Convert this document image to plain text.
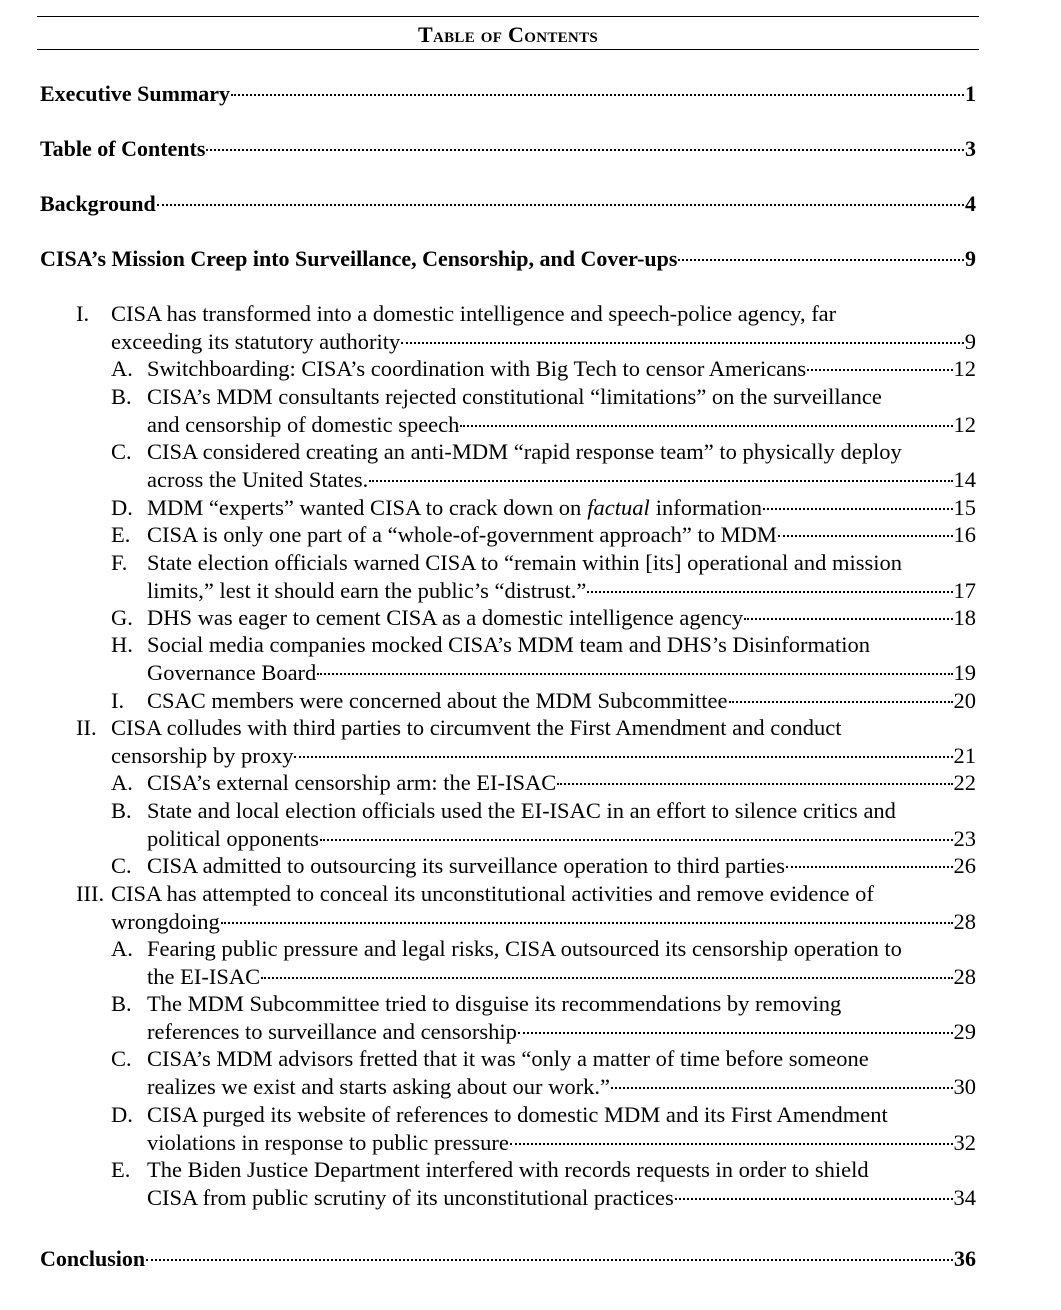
Table of Contents
Executive Summary	1
Table of Contents	3
Background	4
CISA’s Mission Creep into Surveillance, Censorship, and Cover-ups	9
I. CISA has transformed into a domestic intelligence and speech-police agency, far
exceeding its statutory authority	9
A. Switchboarding: CISA’s coordination with Big Tech to censor Americans	12
B. CISA’s MDM consultants rejected constitutional “limitations” on the surveillance
and censorship of domestic speech	12
C. CISA considered creating an anti-MDM “rapid response team” to physically deploy
across the United States.	14
D. MDM “experts” wanted CISA to crack down on factual information	15
E. CISA is only one part of a “whole-of-government approach” to MDM	16
F. State election officials warned CISA to “remain within [its] operational and mission
limits,” lest it should earn the public’s “distrust.”	17
G. DHS was eager to cement CISA as a domestic intelligence agency	18
H. Social media companies mocked CISA’s MDM team and DHS’s Disinformation
Governance Board	19
I. CSAC members were concerned about the MDM Subcommittee	20
II. CISA colludes with third parties to circumvent the First Amendment and conduct
censorship by proxy	21
A. CISA’s external censorship arm: the EI-ISAC	22
B. State and local election officials used the EI-ISAC in an effort to silence critics and
political opponents	23
C. CISA admitted to outsourcing its surveillance operation to third parties	26
III. CISA has attempted to conceal its unconstitutional activities and remove evidence of
wrongdoing	28
A. Fearing public pressure and legal risks, CISA outsourced its censorship operation to
the EI-ISAC	28
B. The MDM Subcommittee tried to disguise its recommendations by removing
references to surveillance and censorship	29
C. CISA’s MDM advisors fretted that it was “only a matter of time before someone
realizes we exist and starts asking about our work.”	30
D. CISA purged its website of references to domestic MDM and its First Amendment
violations in response to public pressure	32
E. The Biden Justice Department interfered with records requests in order to shield
CISA from public scrutiny of its unconstitutional practices	34
Conclusion	36
